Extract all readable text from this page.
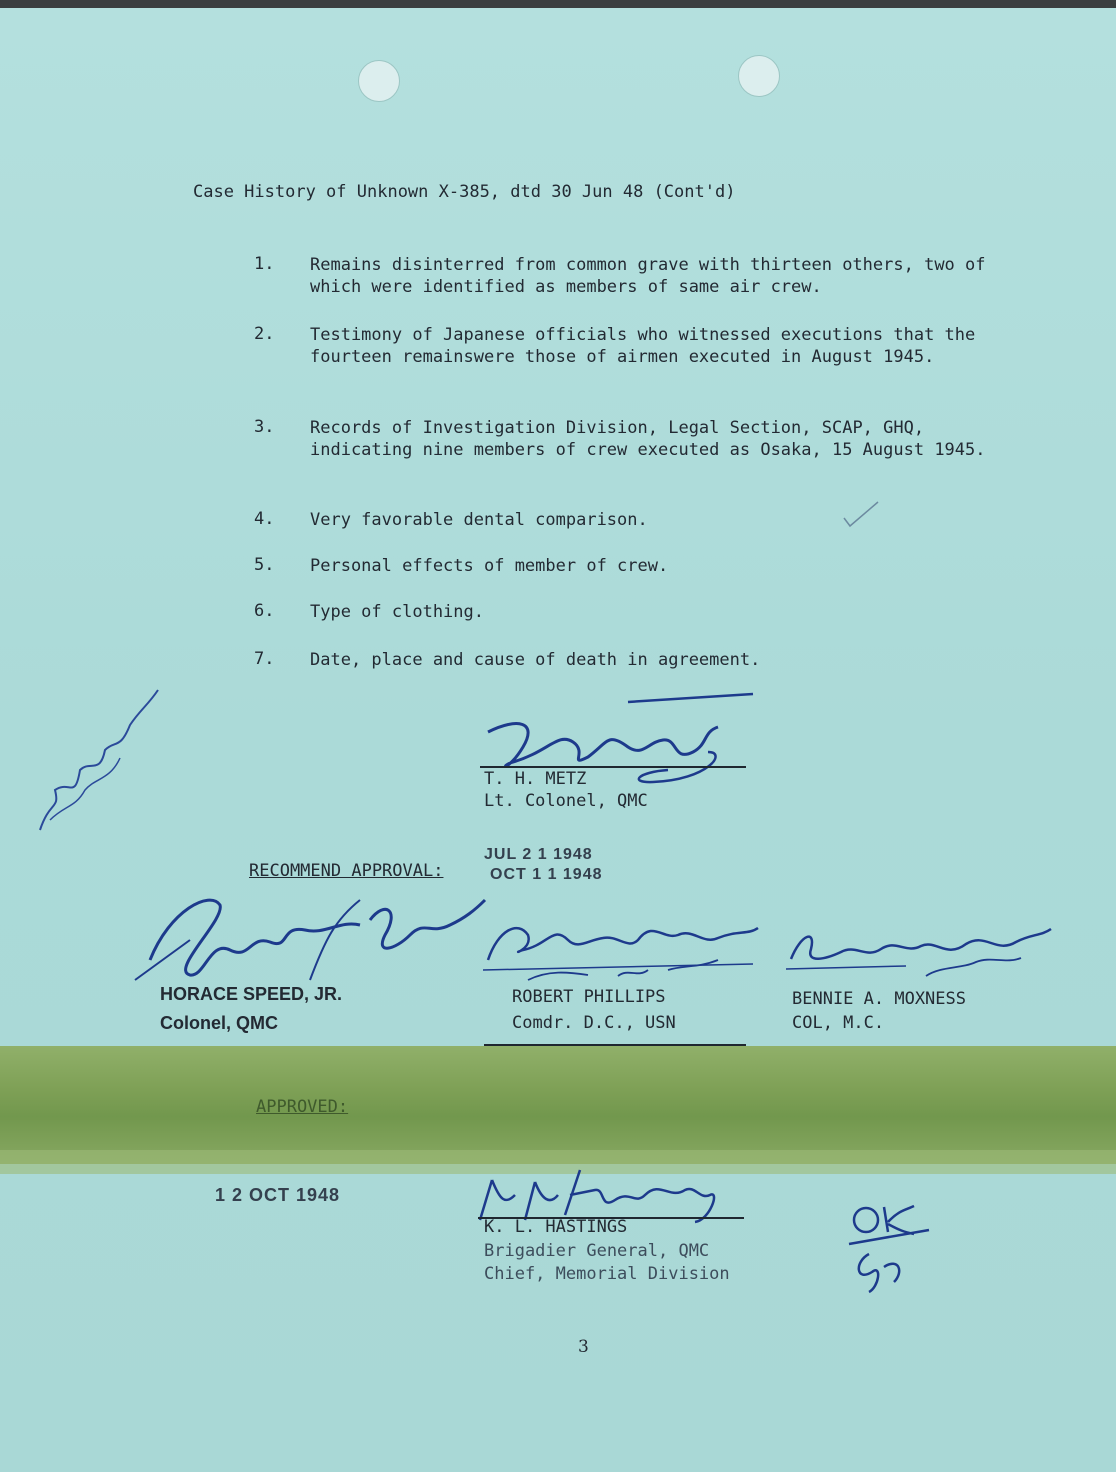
Case History of Unknown X-385, dtd 30 Jun 48 (Cont'd)
1. Remains disinterred from common grave with thirteen others, two of which were identified as members of same air crew.
2. Testimony of Japanese officials who witnessed executions that the fourteen remainswere those of airmen executed in August 1945.
3. Records of Investigation Division, Legal Section, SCAP, GHQ, indicating nine members of crew executed as Osaka, 15 August 1945.
4. Very favorable dental comparison.
5. Personal effects of member of crew.
6. Type of clothing.
7. Date, place and cause of death in agreement.
T. H. METZ
Lt. Colonel, QMC
RECOMMEND APPROVAL:
JUL 2 1 1948
OCT 1 1 1948
HORACE SPEED, JR.
Colonel, QMC
ROBERT PHILLIPS
Comdr. D.C., USN
BENNIE A. MOXNESS
COL, M.C.
APPROVED:
1 2 OCT 1948
K. L. HASTINGS
Brigadier General, QMC
Chief, Memorial Division
3
